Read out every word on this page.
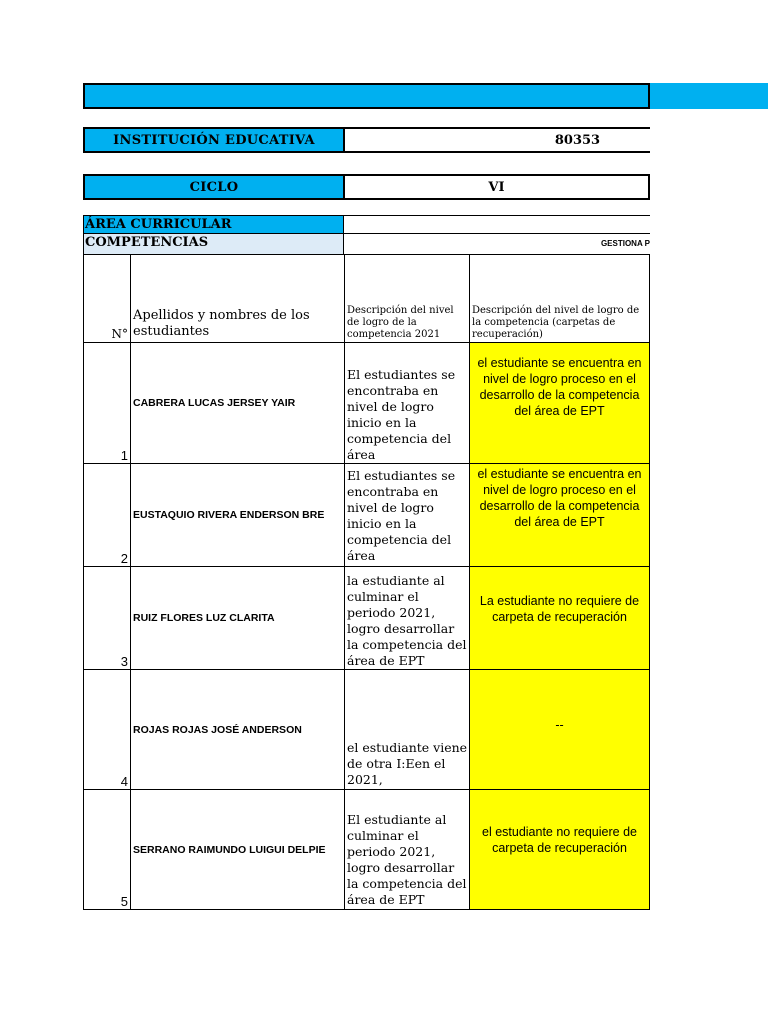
INSTITUCIÓN EDUCATIVA	80353
CICLO	VI
ÁREA CURRICULAR
COMPETENCIAS	GESTIONA P
N°	Apellidos y nombres de los estudiantes	Descripción del nivel de logro de la competencia 2021	Descripción del nivel de logro de la competencia (carpetas de recuperación)
1	CABRERA LUCAS JERSEY YAIR	El estudiantes se encontraba en nivel de logro inicio en la competencia del área	el estudiante se encuentra en nivel de logro proceso en el desarrollo de la competencia del área de EPT
2	EUSTAQUIO RIVERA ENDERSON BRE	El estudiantes se encontraba en nivel de logro inicio en la competencia del área	el estudiante se encuentra en nivel de logro proceso en el desarrollo de la competencia del área de EPT
3	RUIZ FLORES LUZ CLARITA	la estudiante al culminar el periodo 2021, logro desarrollar la competencia del área de EPT	La estudiante no requiere de carpeta de recuperación
4	ROJAS ROJAS JOSÉ ANDERSON	el estudiante viene de otra I:Een el 2021,	--
5	SERRANO RAIMUNDO LUIGUI DELPIE	El estudiante al culminar el periodo 2021, logro desarrollar la competencia del área de EPT	el estudiante no requiere de carpeta de recuperación
